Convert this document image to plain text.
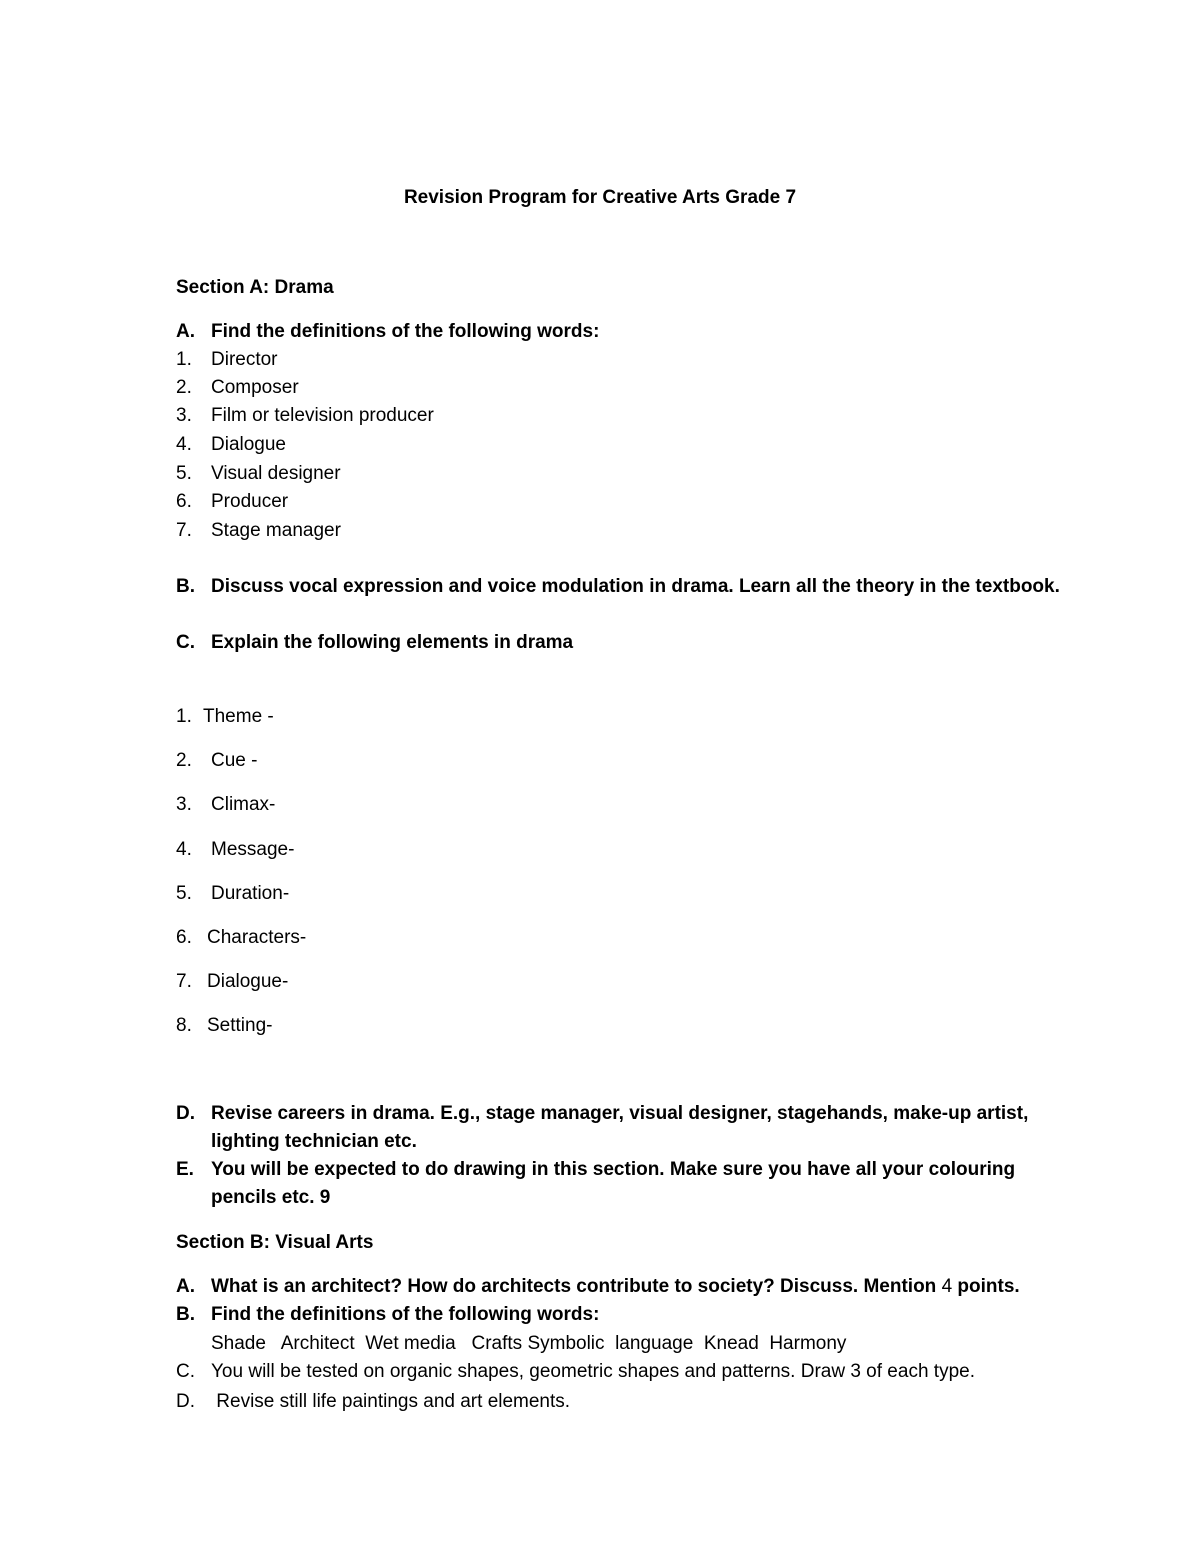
Revision Program for Creative Arts Grade 7
Section A: Drama
A. Find the definitions of the following words:
1. Director
2. Composer
3. Film or television producer
4. Dialogue
5. Visual designer
6. Producer
7. Stage manager
B. Discuss vocal expression and voice modulation in drama. Learn all the theory in the textbook.
C. Explain the following elements in drama
1. Theme -
2. Cue -
3. Climax-
4. Message-
5. Duration-
6. Characters-
7. Dialogue-
8. Setting-
D. Revise careers in drama. E.g., stage manager, visual designer, stagehands, make-up artist,
lighting technician etc.
E. You will be expected to do drawing in this section. Make sure you have all your colouring
pencils etc. 9
Section B: Visual Arts
A. What is an architect? How do architects contribute to society? Discuss. Mention 4 points.
B. Find the definitions of the following words:
Shade   Architect  Wet media   Crafts Symbolic  language  Knead  Harmony
C. You will be tested on organic shapes, geometric shapes and patterns. Draw 3 of each type.
D. Revise still life paintings and art elements.
